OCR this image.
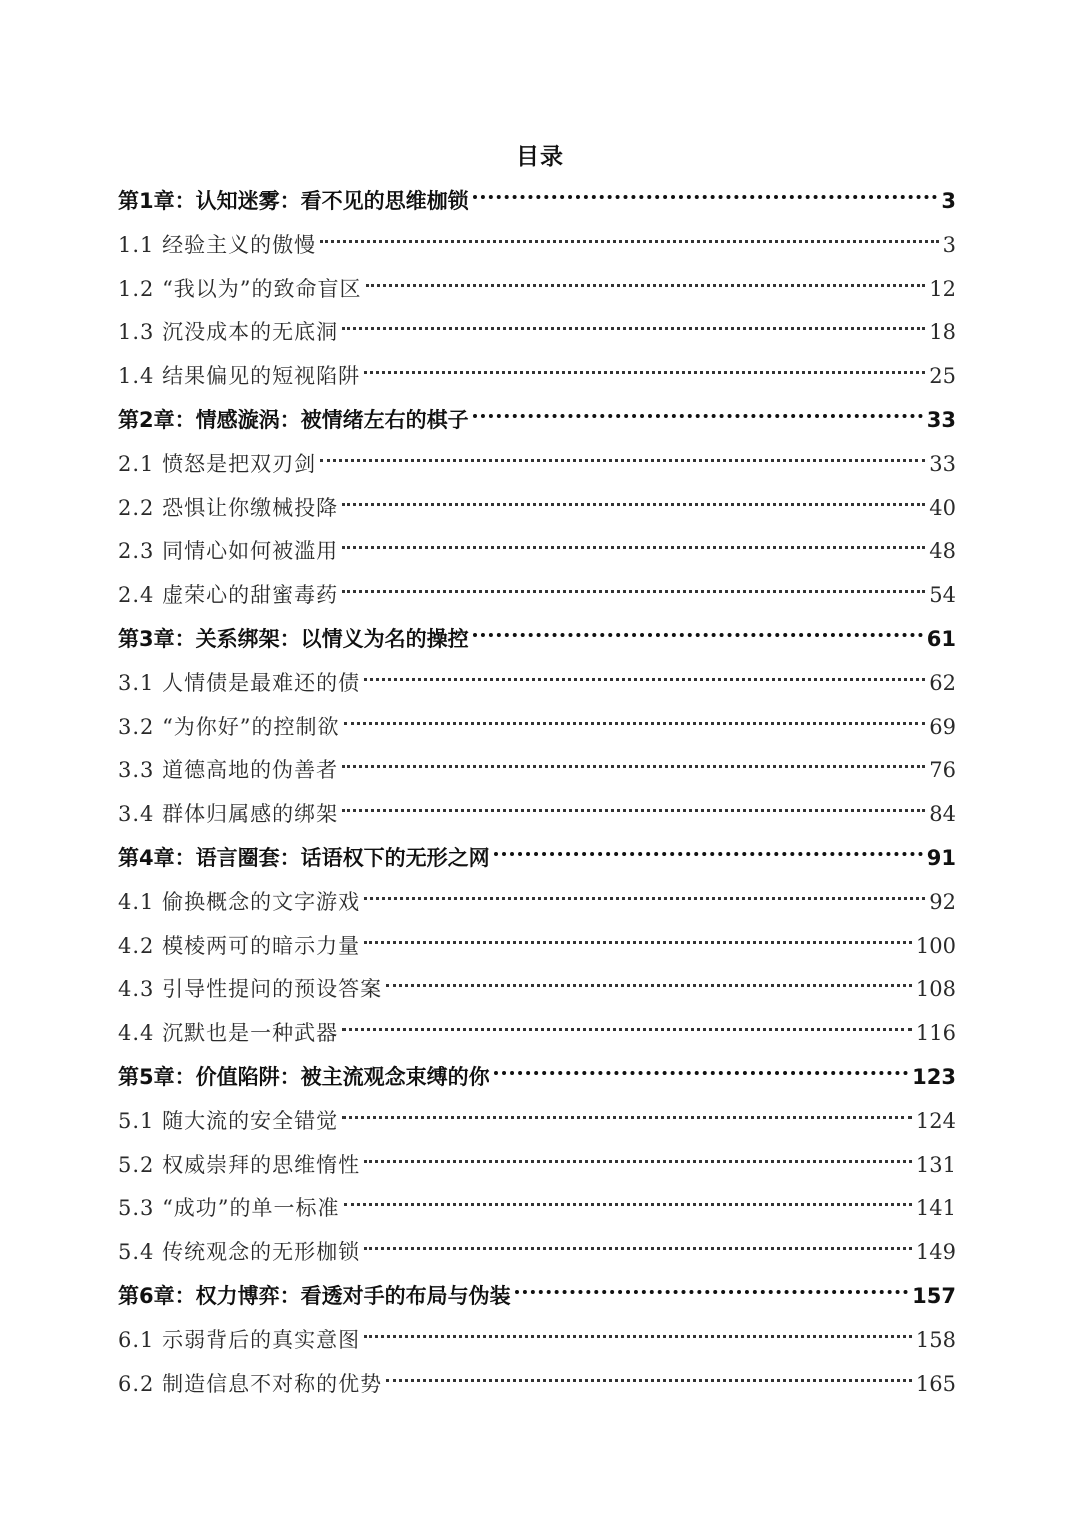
目录
第1章：认知迷雾：看不见的思维枷锁	3
1.1 经验主义的傲慢	3
1.2 “我以为”的致命盲区	12
1.3 沉没成本的无底洞	18
1.4 结果偏见的短视陷阱	25
第2章：情感漩涡：被情绪左右的棋子	33
2.1 愤怒是把双刃剑	33
2.2 恐惧让你缴械投降	40
2.3 同情心如何被滥用	48
2.4 虚荣心的甜蜜毒药	54
第3章：关系绑架：以情义为名的操控	61
3.1 人情债是最难还的债	62
3.2 “为你好”的控制欲	69
3.3 道德高地的伪善者	76
3.4 群体归属感的绑架	84
第4章：语言圈套：话语权下的无形之网	91
4.1 偷换概念的文字游戏	92
4.2 模棱两可的暗示力量	100
4.3 引导性提问的预设答案	108
4.4 沉默也是一种武器	116
第5章：价值陷阱：被主流观念束缚的你	123
5.1 随大流的安全错觉	124
5.2 权威崇拜的思维惰性	131
5.3 “成功”的单一标准	141
5.4 传统观念的无形枷锁	149
第6章：权力博弈：看透对手的布局与伪装	157
6.1 示弱背后的真实意图	158
6.2 制造信息不对称的优势	165
